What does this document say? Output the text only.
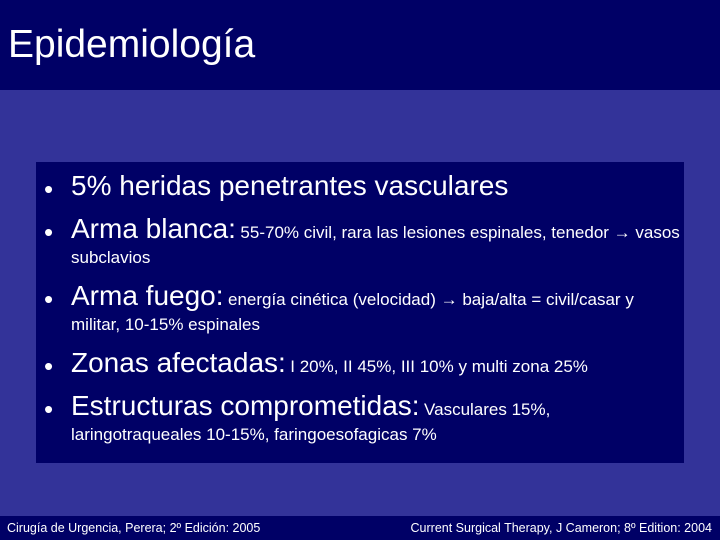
Epidemiología
• 5% heridas penetrantes vasculares
• Arma blanca: 55-70% civil, rara las lesiones espinales, tenedor → vasos subclavios
• Arma fuego: energía cinética (velocidad) → baja/alta = civil/casar y militar, 10-15% espinales
• Zonas afectadas: I 20%, II 45%, III 10% y multi zona 25%
• Estructuras comprometidas: Vasculares 15%, laringotraqueales 10-15%, faringoesofagicas 7%
Cirugía de Urgencia, Perera; 2º Edición: 2005	Current Surgical Therapy, J Cameron; 8º Edition: 2004
